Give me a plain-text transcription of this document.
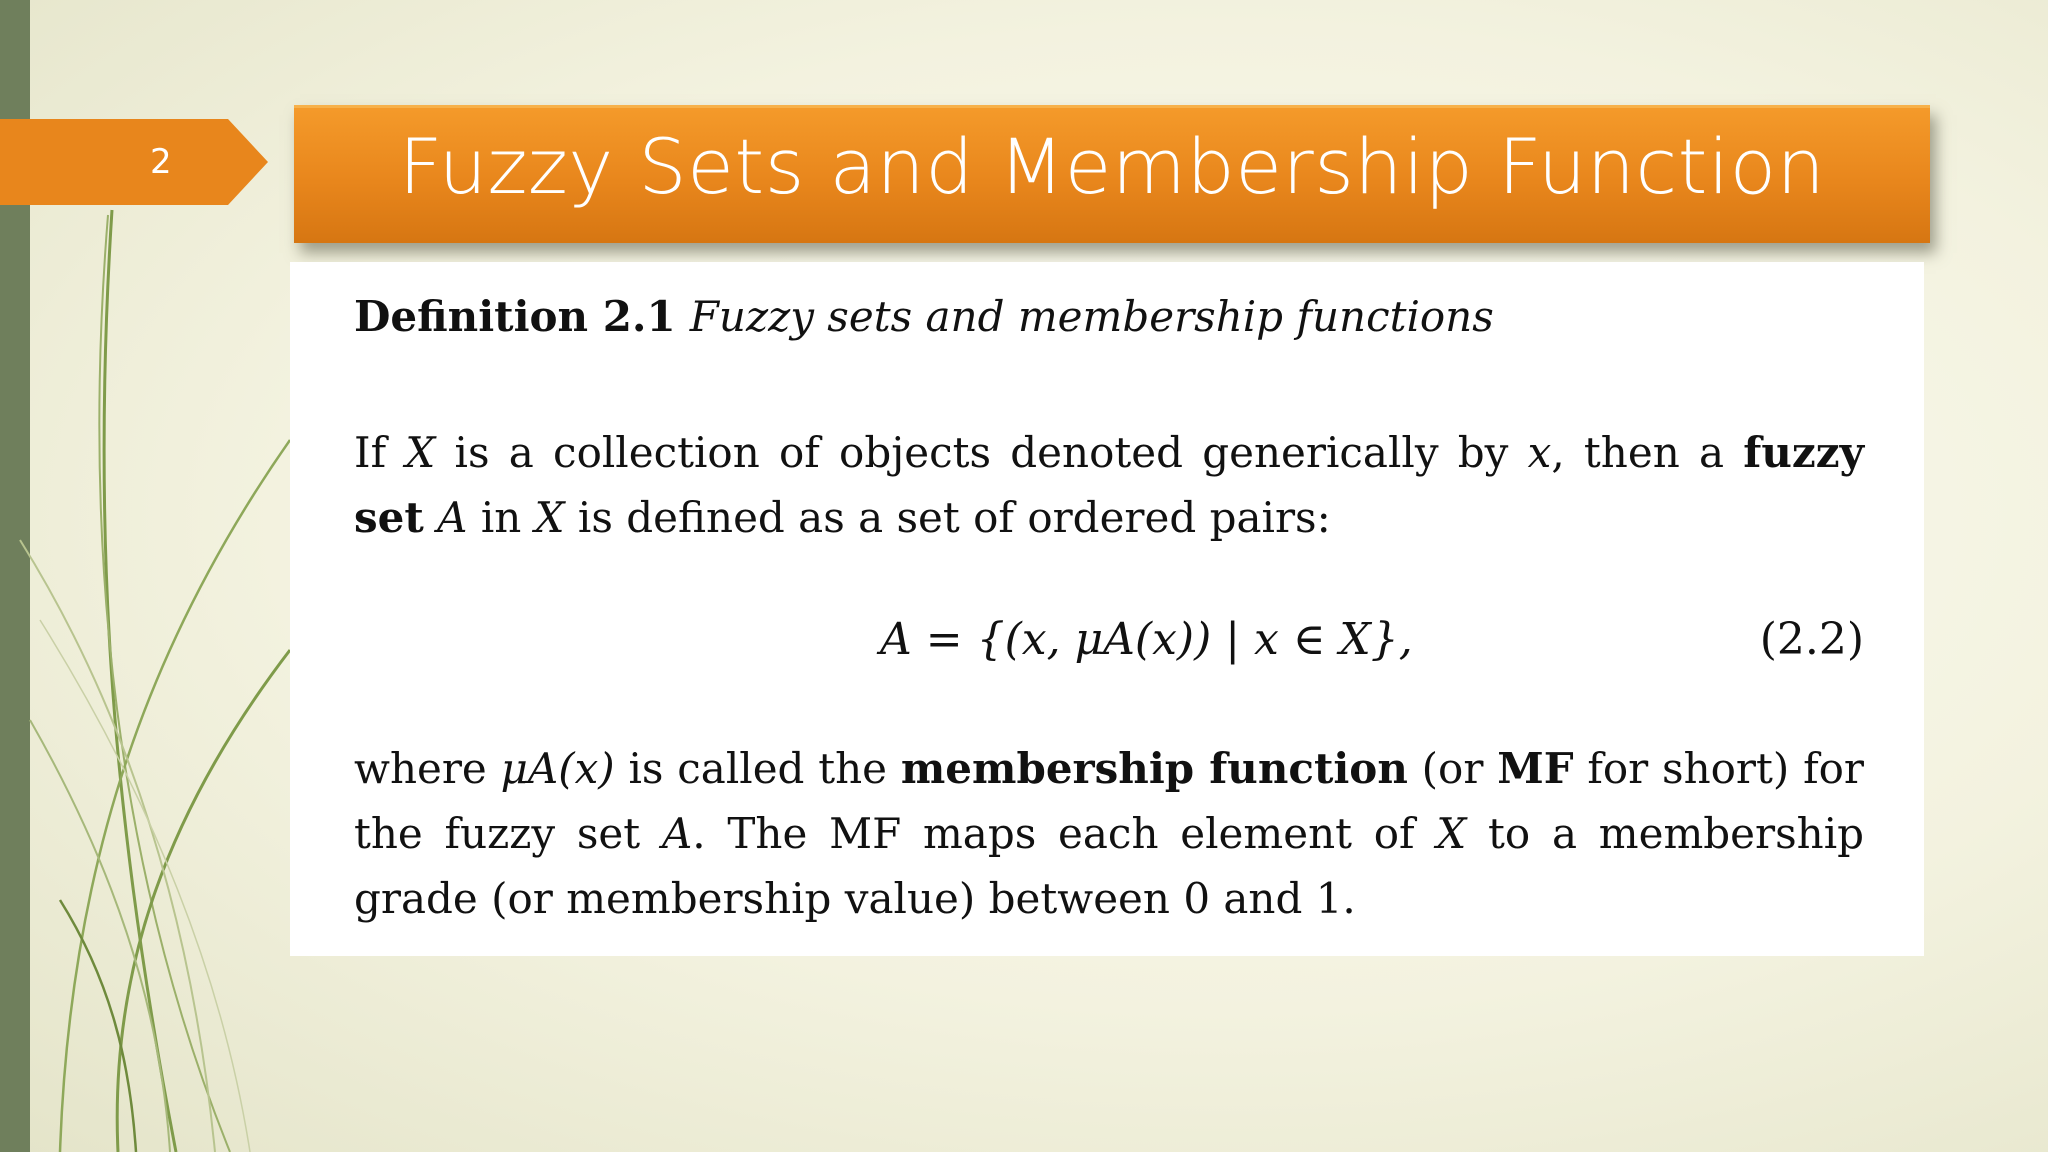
2	Fuzzy Sets and Membership Function
Definition 2.1 Fuzzy sets and membership functions
If X is a collection of objects denoted generically by x, then a fuzzy set A in X is defined as a set of ordered pairs:
A = {(x, μA(x)) | x ∈ X},	(2.2)
where μA(x) is called the membership function (or MF for short) for the fuzzy set A. The MF maps each element of X to a membership grade (or membership value) between 0 and 1.
